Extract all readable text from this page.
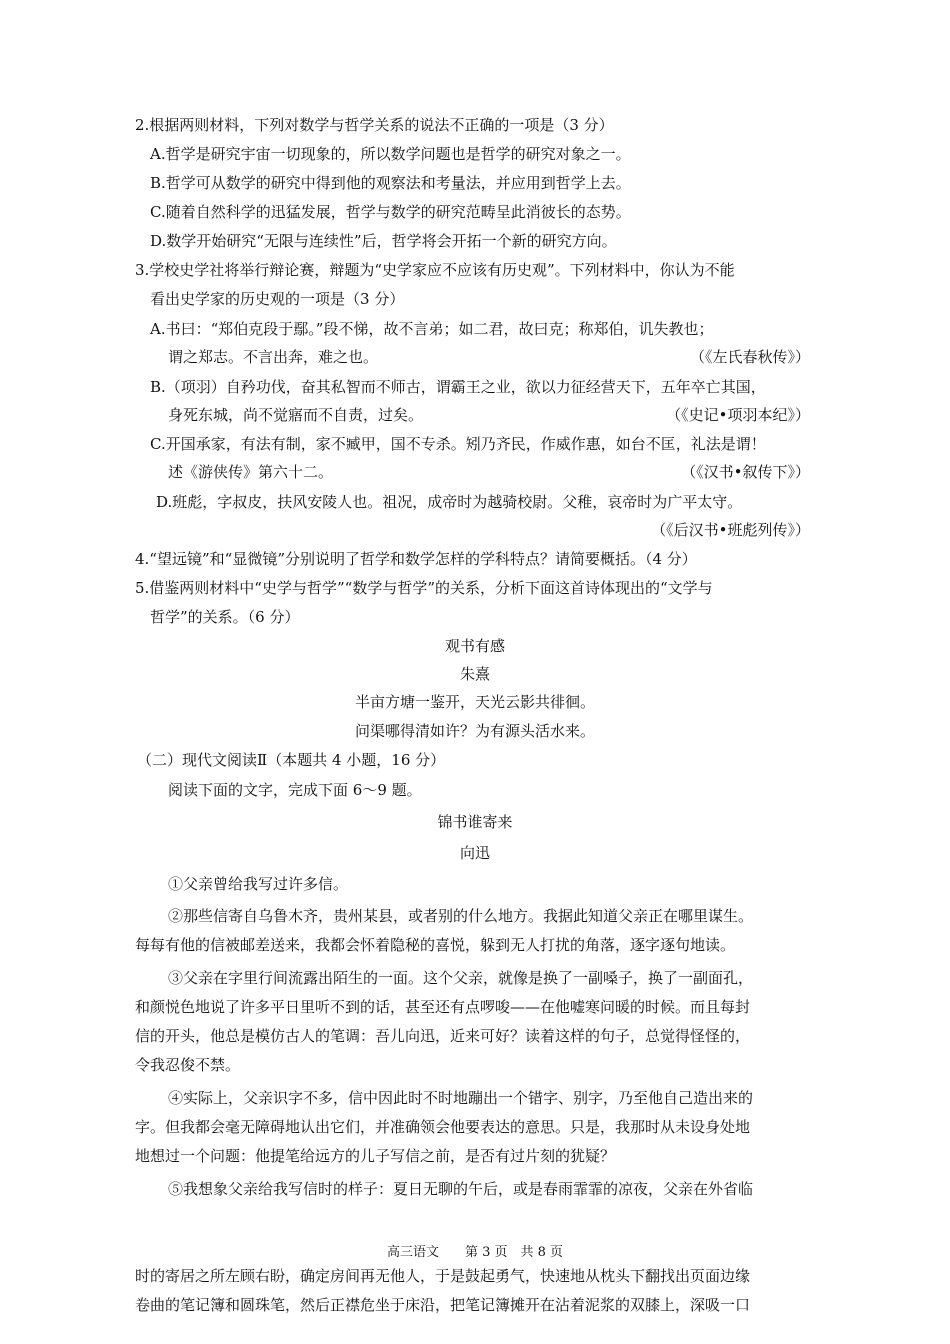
2.根据两则材料，下列对数学与哲学关系的说法不正确的一项是（3 分）
A.哲学是研究宇宙一切现象的，所以数学问题也是哲学的研究对象之一。
B.哲学可从数学的研究中得到他的观察法和考量法，并应用到哲学上去。
C.随着自然科学的迅猛发展，哲学与数学的研究范畴呈此消彼长的态势。
D.数学开始研究“无限与连续性”后，哲学将会开拓一个新的研究方向。
3.学校史学社将举行辩论赛，辩题为“史学家应不应该有历史观”。下列材料中，你认为不能
看出史学家的历史观的一项是（3 分）
A.书曰：“郑伯克段于鄢。”段不悌，故不言弟；如二君，故曰克；称郑伯，讥失教也；
谓之郑志。不言出奔，难之也。	（《左氏春秋传》）
B.（项羽）自矜功伐，奋其私智而不师古，谓霸王之业，欲以力征经营天下，五年卒亡其国，
身死东城，尚不觉寤而不自责，过矣。	（《史记•项羽本纪》）
C.开国承家，有法有制，家不臧甲，国不专杀。矧乃齐民，作威作惠，如台不匡，礼法是谓！
述《游侠传》第六十二。	（《汉书•叙传下》）
D.班彪，字叔皮，扶风安陵人也。祖况，成帝时为越骑校尉。父稚，哀帝时为广平太守。
（《后汉书•班彪列传》）
4.“望远镜”和“显微镜”分别说明了哲学和数学怎样的学科特点？请简要概括。（4 分）
5.借鉴两则材料中“史学与哲学”“数学与哲学”的关系，分析下面这首诗体现出的“文学与
哲学”的关系。（6 分）
观书有感
朱熹
半亩方塘一鉴开，天光云影共徘徊。
问渠哪得清如许？为有源头活水来。
（二）现代文阅读Ⅱ（本题共 4 小题，16 分）
阅读下面的文字，完成下面 6～9 题。
锦书谁寄来
向迅
①父亲曾给我写过许多信。
②那些信寄自乌鲁木齐，贵州某县，或者别的什么地方。我据此知道父亲正在哪里谋生。
每每有他的信被邮差送来，我都会怀着隐秘的喜悦，躲到无人打扰的角落，逐字逐句地读。
③父亲在字里行间流露出陌生的一面。这个父亲，就像是换了一副嗓子，换了一副面孔，
和颜悦色地说了许多平日里听不到的话，甚至还有点啰唆——在他嘘寒问暖的时候。而且每封
信的开头，他总是模仿古人的笔调：吾儿向迅，近来可好？读着这样的句子，总觉得怪怪的，
令我忍俊不禁。
④实际上，父亲识字不多，信中因此时不时地蹦出一个错字、别字，乃至他自己造出来的
字。但我都会毫无障碍地认出它们，并准确领会他要表达的意思。只是，我那时从未设身处地
地想过一个问题：他提笔给远方的儿子写信之前，是否有过片刻的犹疑？
⑤我想象父亲给我写信时的样子：夏日无聊的午后，或是春雨霏霏的凉夜，父亲在外省临
高三语文　　第 3 页　共 8 页
时的寄居之所左顾右盼，确定房间再无他人，于是鼓起勇气，快速地从枕头下翻找出页面边缘
卷曲的笔记簿和圆珠笔，然后正襟危坐于床沿，把笔记簿摊开在沾着泥浆的双膝上，深吸一口
